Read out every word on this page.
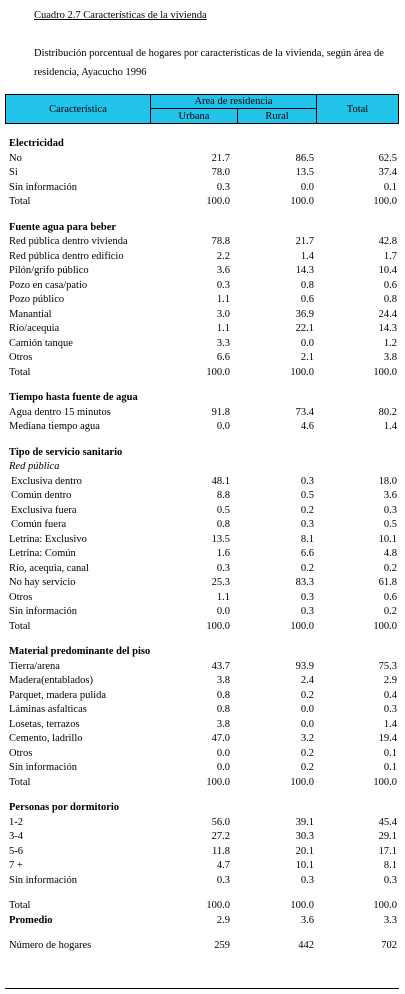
Cuadro 2.7 Características de la vivienda
Distribución porcentual de hogares por características de la vivienda, según área de residencia, Ayacucho 1996
Característica
Area de residencia
Urbana	Rural
Total
Electricidad
No	21.7	86.5	62.5
Si	78.0	13.5	37.4
Sin información	0.3	0.0	0.1
Total	100.0	100.0	100.0
Fuente agua para beber
Red pública dentro vivienda	78.8	21.7	42.8
Red pública dentro edificio	2.2	1.4	1.7
Pilón/grifo público	3.6	14.3	10.4
Pozo en casa/patio	0.3	0.8	0.6
Pozo público	1.1	0.6	0.8
Manantial	3.0	36.9	24.4
Río/acequia	1.1	22.1	14.3
Camión tanque	3.3	0.0	1.2
Otros	6.6	2.1	3.8
Total	100.0	100.0	100.0
Tiempo hasta fuente de agua
Agua dentro 15 minutos	91.8	73.4	80.2
Mediana tiempo agua	0.0	4.6	1.4
Tipo de servicio sanitario
Red pública
Exclusiva dentro	48.1	0.3	18.0
Común dentro	8.8	0.5	3.6
Exclusiva fuera	0.5	0.2	0.3
Común fuera	0.8	0.3	0.5
Letrina: Exclusivo	13.5	8.1	10.1
Letrina: Común	1.6	6.6	4.8
Río, acequia, canal	0.3	0.2	0.2
No hay servicio	25.3	83.3	61.8
Otros	1.1	0.3	0.6
Sin información	0.0	0.3	0.2
Total	100.0	100.0	100.0
Material predominante del piso
Tierra/arena	43.7	93.9	75.3
Madera(entablados)	3.8	2.4	2.9
Parquet, madera pulida	0.8	0.2	0.4
Láminas asfalticas	0.8	0.0	0.3
Losetas, terrazos	3.8	0.0	1.4
Cemento, ladrillo	47.0	3.2	19.4
Otros	0.0	0.2	0.1
Sin información	0.0	0.2	0.1
Total	100.0	100.0	100.0
Personas por dormitorio
1-2	56.0	39.1	45.4
3-4	27.2	30.3	29.1
5-6	11.8	20.1	17.1
7 +	4.7	10.1	8.1
Sin información	0.3	0.3	0.3
Total	100.0	100.0	100.0
Promedio	2.9	3.6	3.3
Número de hogares	259	442	702
